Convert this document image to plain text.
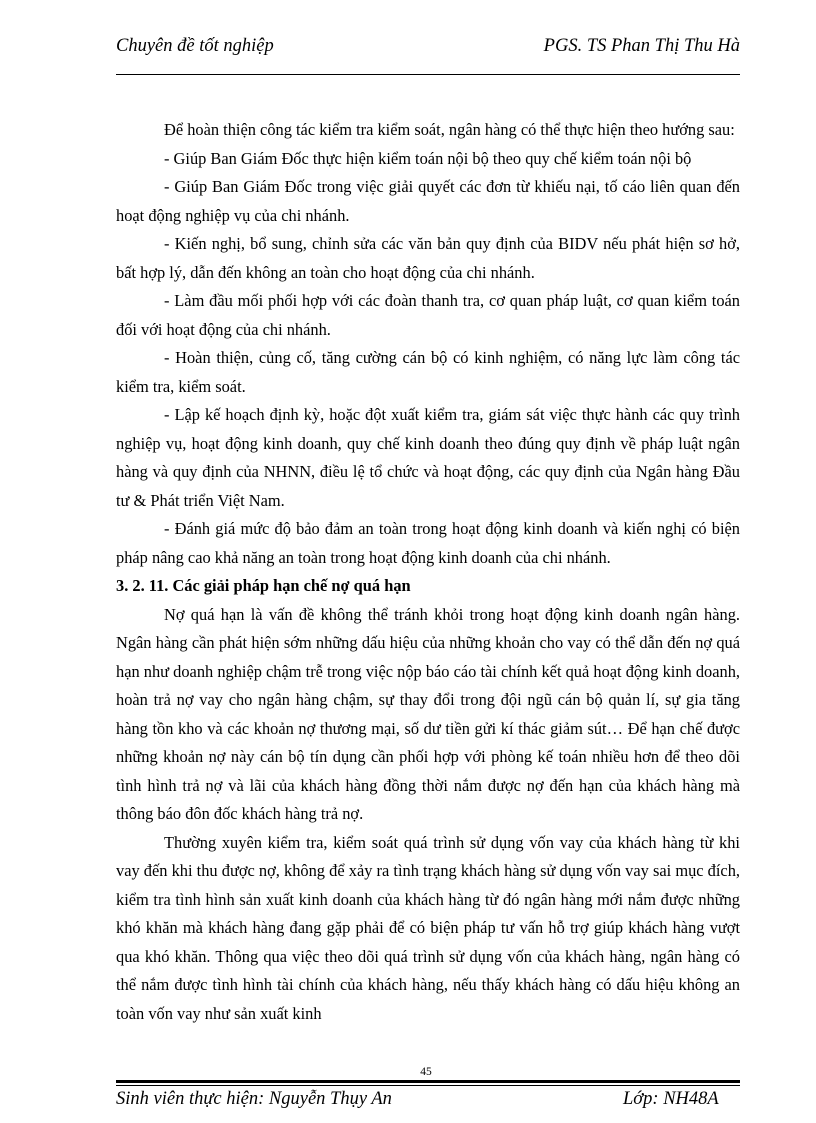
Chuyên đề tốt nghiệp	PGS. TS Phan Thị Thu Hà

Để hoàn thiện công tác kiểm tra kiểm soát, ngân hàng có thể thực hiện theo hướng sau:

- Giúp Ban Giám Đốc thực hiện kiểm toán nội bộ theo quy chế kiểm toán nội bộ

- Giúp Ban Giám Đốc trong việc giải quyết các đơn từ khiếu nại, tố cáo liên quan đến hoạt động nghiệp vụ của chi nhánh.

- Kiến nghị, bổ sung, chỉnh sửa các văn bản quy định của BIDV nếu phát hiện sơ hở, bất hợp lý, dẫn đến không an toàn cho hoạt động của chi nhánh.

- Làm đầu mối phối hợp với các đoàn thanh tra, cơ quan pháp luật, cơ quan kiểm toán đối với hoạt động của chi nhánh.

- Hoàn thiện, củng cố, tăng cường cán bộ có kinh nghiệm, có năng lực làm công tác kiểm tra, kiểm soát.

- Lập kế hoạch định kỳ, hoặc đột xuất kiểm tra, giám sát việc thực hành các quy trình nghiệp vụ, hoạt động kinh doanh, quy chế kinh doanh theo đúng quy định về pháp luật ngân hàng và quy định của NHNN, điều lệ tổ chức và hoạt động, các quy định của Ngân hàng Đầu tư & Phát triển Việt Nam.

- Đánh giá mức độ bảo đảm an toàn trong hoạt động kinh doanh và kiến nghị có biện pháp nâng cao khả năng an toàn trong hoạt động kinh doanh của chi nhánh.

3. 2. 11. Các giải pháp hạn chế nợ quá hạn

Nợ quá hạn là vấn đề không thể tránh khỏi trong hoạt động kinh doanh ngân hàng. Ngân hàng cần phát hiện sớm những dấu hiệu của những khoản cho vay có thể dẫn đến nợ quá hạn như doanh nghiệp chậm trễ trong việc nộp báo cáo tài chính kết quả hoạt động kinh doanh, hoàn trả nợ vay cho ngân hàng chậm, sự thay đổi trong đội ngũ cán bộ quản lí, sự gia tăng hàng tồn kho và các khoản nợ thương mại, số dư tiền gửi kí thác giảm sút… Để hạn chế được những khoản nợ này cán bộ tín dụng cần phối hợp với phòng kế toán nhiều hơn để theo dõi tình hình trả nợ và lãi của khách hàng đồng thời nắm được nợ đến hạn của khách hàng mà thông báo đôn đốc khách hàng trả nợ.

Thường xuyên kiểm tra, kiểm soát quá trình sử dụng vốn vay của khách hàng từ khi vay đến khi thu được nợ, không để xảy ra tình trạng khách hàng sử dụng vốn vay sai mục đích, kiểm tra tình hình sản xuất kinh doanh của khách hàng từ đó ngân hàng mới nắm được những khó khăn mà khách hàng đang gặp phải để có biện pháp tư vấn hỗ trợ giúp khách hàng vượt qua khó khăn. Thông qua việc theo dõi quá trình sử dụng vốn của khách hàng, ngân hàng có thể nắm được tình hình tài chính của khách hàng, nếu thấy khách hàng có dấu hiệu không an toàn vốn vay như sản xuất kinh

45
Sinh viên thực hiện: Nguyễn Thụy An	Lớp: NH48A
